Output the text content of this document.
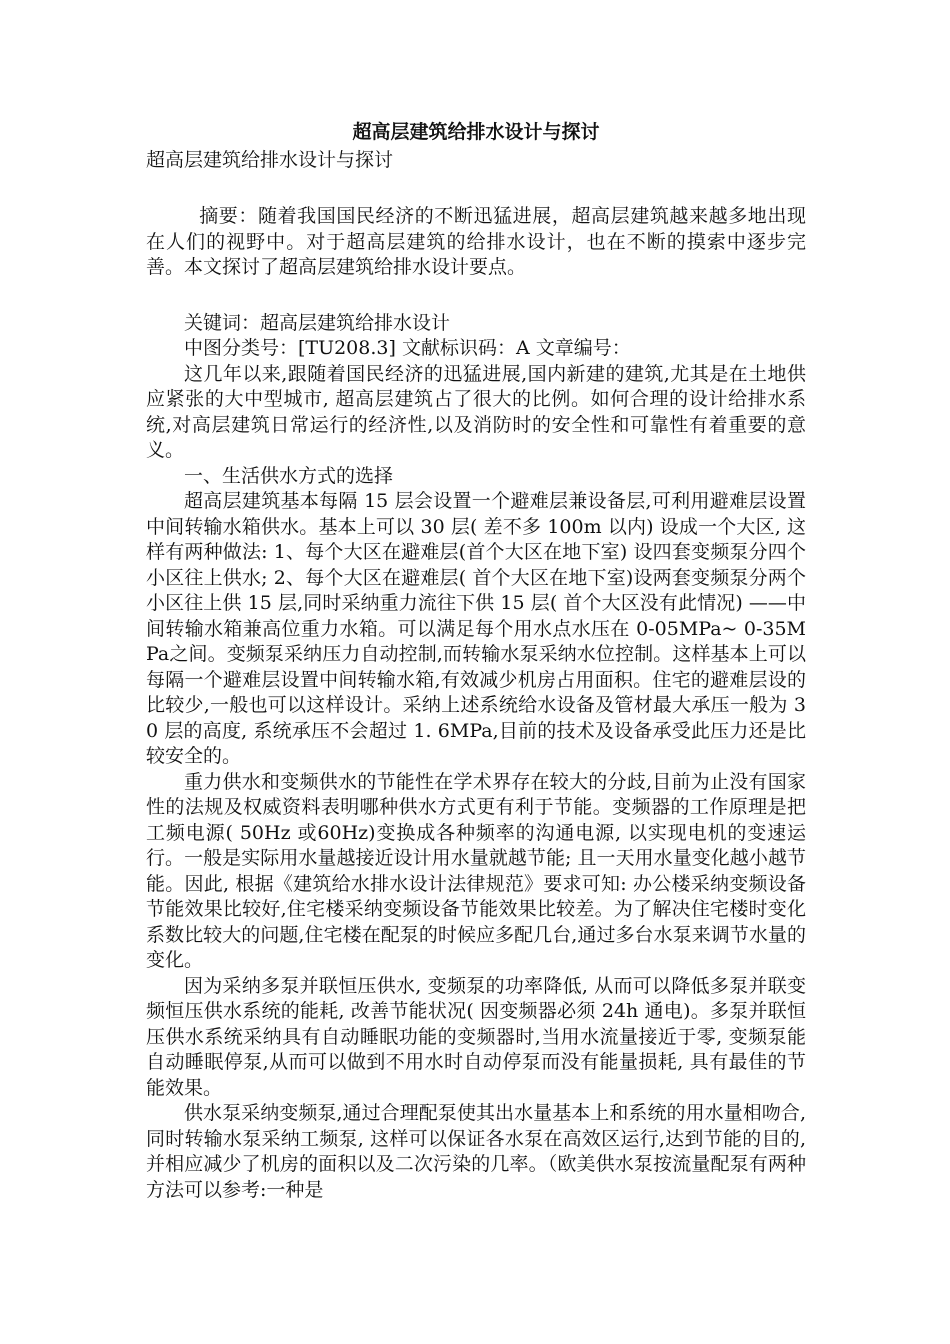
超高层建筑给排水设计与探讨

超高层建筑给排水设计与探讨

摘要：随着我国国民经济的不断迅猛进展，超高层建筑越来越多地出现在人们的视野中。对于超高层建筑的给排水设计，也在不断的摸索中逐步完善。本文探讨了超高层建筑给排水设计要点。

关键词：超高层建筑给排水设计

中图分类号：[TU208.3] 文献标识码：A 文章编号：

这几年以来,跟随着国民经济的迅猛进展,国内新建的建筑,尤其是在土地供应紧张的大中型城市, 超高层建筑占了很大的比例。如何合理的设计给排水系统,对高层建筑日常运行的经济性,以及消防时的安全性和可靠性有着重要的意义。

一、生活供水方式的选择

超高层建筑基本每隔 15 层会设置一个避难层兼设备层,可利用避难层设置中间转输水箱供水。基本上可以 30 层( 差不多 100m 以内) 设成一个大区, 这样有两种做法: 1、每个大区在避难层(首个大区在地下室) 设四套变频泵分四个小区往上供水; 2、每个大区在避难层( 首个大区在地下室)设两套变频泵分两个小区往上供 15 层,同时采纳重力流往下供 15 层( 首个大区没有此情况) ——中间转输水箱兼高位重力水箱。可以满足每个用水点水压在 0-05MPa~ 0-35MPa之间。变频泵采纳压力自动控制,而转输水泵采纳水位控制。这样基本上可以每隔一个避难层设置中间转输水箱,有效减少机房占用面积。住宅的避难层设的比较少,一般也可以这样设计。采纳上述系统给水设备及管材最大承压一般为 30 层的高度, 系统承压不会超过 1. 6MPa,目前的技术及设备承受此压力还是比较安全的。

重力供水和变频供水的节能性在学术界存在较大的分歧,目前为止没有国家性的法规及权威资料表明哪种供水方式更有利于节能。变频器的工作原理是把工频电源( 50Hz 或60Hz)变换成各种频率的沟通电源, 以实现电机的变速运行。一般是实际用水量越接近设计用水量就越节能; 且一天用水量变化越小越节能。因此, 根据《建筑给水排水设计法律规范》要求可知: 办公楼采纳变频设备节能效果比较好,住宅楼采纳变频设备节能效果比较差。为了解决住宅楼时变化系数比较大的问题,住宅楼在配泵的时候应多配几台,通过多台水泵来调节水量的变化。

因为采纳多泵并联恒压供水, 变频泵的功率降低, 从而可以降低多泵并联变频恒压供水系统的能耗, 改善节能状况( 因变频器必须 24h 通电)。多泵并联恒压供水系统采纳具有自动睡眠功能的变频器时,当用水流量接近于零, 变频泵能自动睡眠停泵,从而可以做到不用水时自动停泵而没有能量损耗, 具有最佳的节能效果。

供水泵采纳变频泵,通过合理配泵使其出水量基本上和系统的用水量相吻合,同时转输水泵采纳工频泵, 这样可以保证各水泵在高效区运行,达到节能的目的, 并相应减少了机房的面积以及二次污染的几率。（欧美供水泵按流量配泵有两种方法可以参考:一种是
